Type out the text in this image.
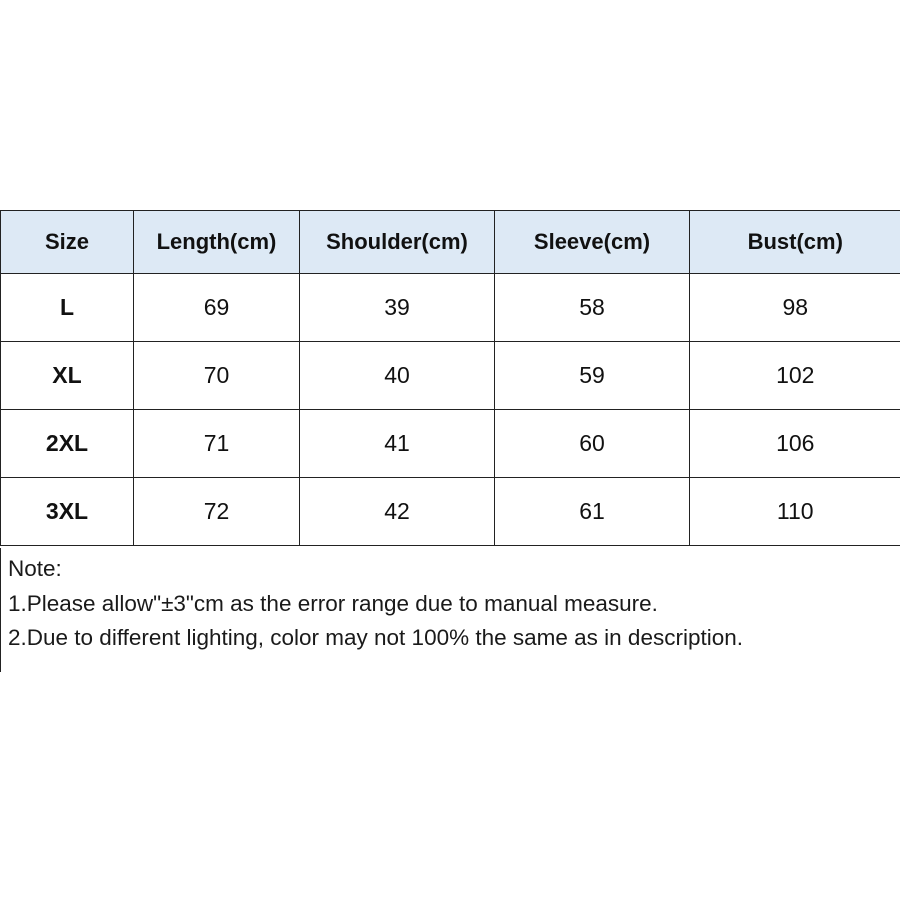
Size	Length(cm)	Shoulder(cm)	Sleeve(cm)	Bust(cm)
L	69	39	58	98
XL	70	40	59	102
2XL	71	41	60	106
3XL	72	42	61	110
Note:
1.Please allow"±3"cm as the error range due to manual measure.
2.Due to different lighting, color may not 100% the same as in description.
